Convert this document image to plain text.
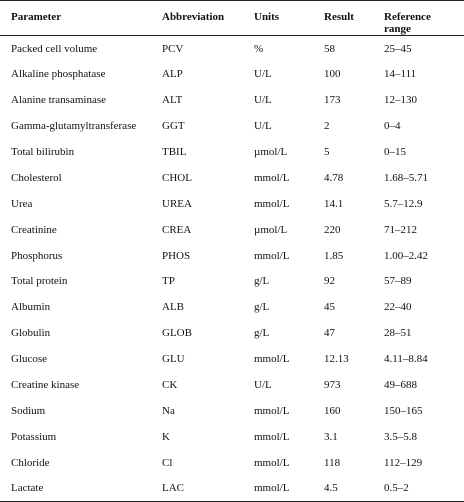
Parameter	Abbreviation	Units	Result	Reference range
Packed cell volume	PCV	%	58	25–45
Alkaline phosphatase	ALP	U/L	100	14–111
Alanine transaminase	ALT	U/L	173	12–130
Gamma-glutamyltransferase	GGT	U/L	2	0–4
Total bilirubin	TBIL	µmol/L	5	0–15
Cholesterol	CHOL	mmol/L	4.78	1.68–5.71
Urea	UREA	mmol/L	14.1	5.7–12.9
Creatinine	CREA	µmol/L	220	71–212
Phosphorus	PHOS	mmol/L	1.85	1.00–2.42
Total protein	TP	g/L	92	57–89
Albumin	ALB	g/L	45	22–40
Globulin	GLOB	g/L	47	28–51
Glucose	GLU	mmol/L	12.13	4.11–8.84
Creatine kinase	CK	U/L	973	49–688
Sodium	Na	mmol/L	160	150–165
Potassium	K	mmol/L	3.1	3.5–5.8
Chloride	Cl	mmol/L	118	112–129
Lactate	LAC	mmol/L	4.5	0.5–2
